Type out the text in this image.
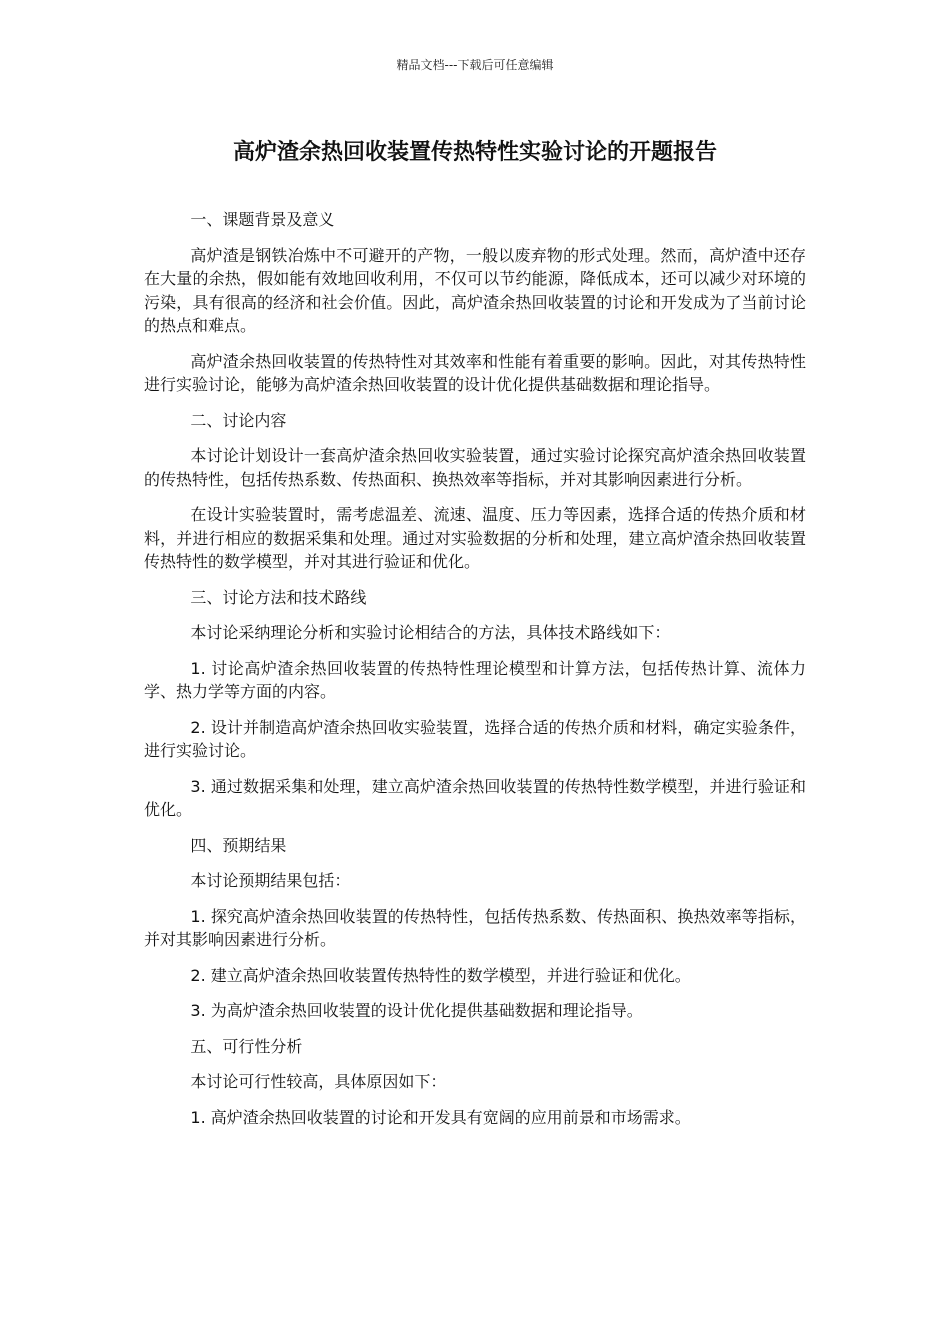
精品文档---下载后可任意编辑
高炉渣余热回收装置传热特性实验讨论的开题报告

一、课题背景及意义

高炉渣是钢铁冶炼中不可避开的产物，一般以废弃物的形式处理。然而，高炉渣中还存在大量的余热，假如能有效地回收利用，不仅可以节约能源，降低成本，还可以减少对环境的污染，具有很高的经济和社会价值。因此，高炉渣余热回收装置的讨论和开发成为了当前讨论的热点和难点。

高炉渣余热回收装置的传热特性对其效率和性能有着重要的影响。因此，对其传热特性进行实验讨论，能够为高炉渣余热回收装置的设计优化提供基础数据和理论指导。

二、讨论内容

本讨论计划设计一套高炉渣余热回收实验装置，通过实验讨论探究高炉渣余热回收装置的传热特性，包括传热系数、传热面积、换热效率等指标，并对其影响因素进行分析。

在设计实验装置时，需考虑温差、流速、温度、压力等因素，选择合适的传热介质和材料，并进行相应的数据采集和处理。通过对实验数据的分析和处理，建立高炉渣余热回收装置传热特性的数学模型，并对其进行验证和优化。

三、讨论方法和技术路线

本讨论采纳理论分析和实验讨论相结合的方法，具体技术路线如下：

1. 讨论高炉渣余热回收装置的传热特性理论模型和计算方法，包括传热计算、流体力学、热力学等方面的内容。

2. 设计并制造高炉渣余热回收实验装置，选择合适的传热介质和材料，确定实验条件，进行实验讨论。

3. 通过数据采集和处理，建立高炉渣余热回收装置的传热特性数学模型，并进行验证和优化。

四、预期结果

本讨论预期结果包括：

1. 探究高炉渣余热回收装置的传热特性，包括传热系数、传热面积、换热效率等指标，并对其影响因素进行分析。

2. 建立高炉渣余热回收装置传热特性的数学模型，并进行验证和优化。

3. 为高炉渣余热回收装置的设计优化提供基础数据和理论指导。

五、可行性分析

本讨论可行性较高，具体原因如下：

1. 高炉渣余热回收装置的讨论和开发具有宽阔的应用前景和市场需求。
